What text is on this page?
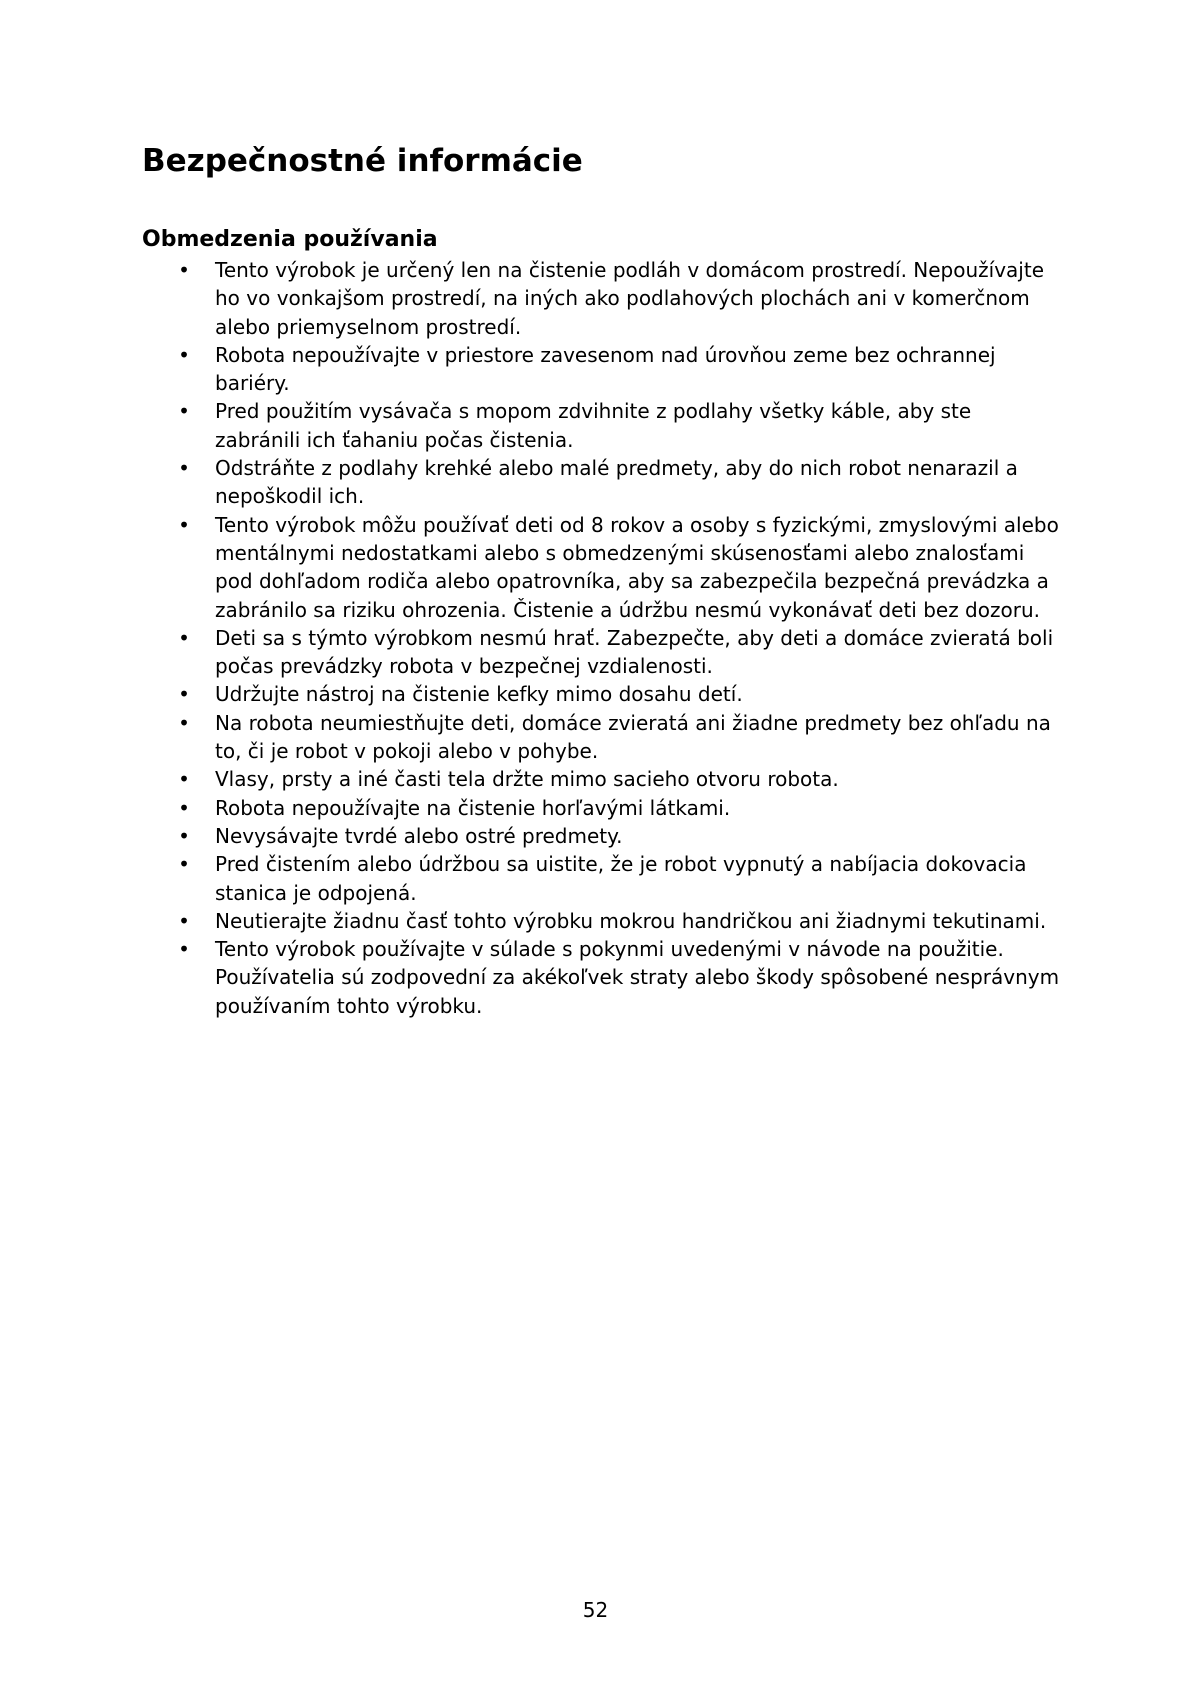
Bezpečnostné informácie
Obmedzenia používania
• Tento výrobok je určený len na čistenie podláh v domácom prostredí. Nepoužívajte ho vo vonkajšom prostredí, na iných ako podlahových plochách ani v komerčnom alebo priemyselnom prostredí.
• Robota nepoužívajte v priestore zavesenom nad úrovňou zeme bez ochrannej bariéry.
• Pred použitím vysávača s mopom zdvihnite z podlahy všetky káble, aby ste zabránili ich ťahaniu počas čistenia.
• Odstráňte z podlahy krehké alebo malé predmety, aby do nich robot nenarazil a nepoškodil ich.
• Tento výrobok môžu používať deti od 8 rokov a osoby s fyzickými, zmyslovými alebo mentálnymi nedostatkami alebo s obmedzenými skúsenosťami alebo znalosťami pod dohľadom rodiča alebo opatrovníka, aby sa zabezpečila bezpečná prevádzka a zabránilo sa riziku ohrozenia. Čistenie a údržbu nesmú vykonávať deti bez dozoru.
• Deti sa s týmto výrobkom nesmú hrať. Zabezpečte, aby deti a domáce zvieratá boli počas prevádzky robota v bezpečnej vzdialenosti.
• Udržujte nástroj na čistenie kefky mimo dosahu detí.
• Na robota neumiestňujte deti, domáce zvieratá ani žiadne predmety bez ohľadu na to, či je robot v pokoji alebo v pohybe.
• Vlasy, prsty a iné časti tela držte mimo sacieho otvoru robota.
• Robota nepoužívajte na čistenie horľavými látkami.
• Nevysávajte tvrdé alebo ostré predmety.
• Pred čistením alebo údržbou sa uistite, že je robot vypnutý a nabíjacia dokovacia stanica je odpojená.
• Neutierajte žiadnu časť tohto výrobku mokrou handričkou ani žiadnymi tekutinami.
• Tento výrobok používajte v súlade s pokynmi uvedenými v návode na použitie. Používatelia sú zodpovední za akékoľvek straty alebo škody spôsobené nesprávnym používaním tohto výrobku.

52
